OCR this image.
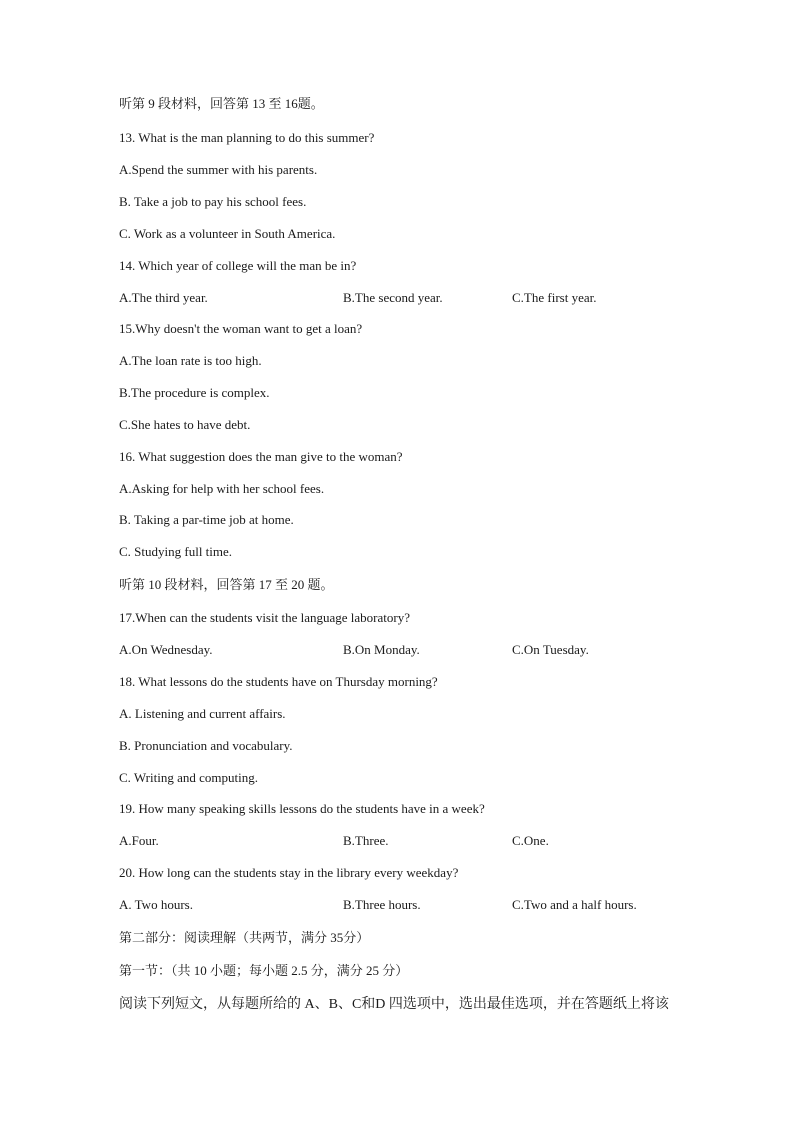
听第 9 段材料，回答第 13 至 16题。
13. What is the man planning to do this summer?
A.Spend the summer with his parents.
B. Take a job to pay his school fees.
C. Work as a volunteer in South America.
14. Which year of college will the man be in?
A.The third year.	B.The second year.	C.The first year.
15.Why doesn't the woman want to get a loan?
A.The loan rate is too high.
B.The procedure is complex.
C.She hates to have debt.
16. What suggestion does the man give to the woman?
A.Asking for help with her school fees.
B. Taking a par-time job at home.
C. Studying full time.
听第 10 段材料，回答第 17 至 20 题。
17.When can the students visit the language laboratory?
A.On Wednesday.	B.On Monday.	C.On Tuesday.
18. What lessons do the students have on Thursday morning?
A. Listening and current affairs.
B. Pronunciation and vocabulary.
C. Writing and computing.
19. How many speaking skills lessons do the students have in a week?
A.Four.	B.Three.	C.One.
20. How long can the students stay in the library every weekday?
A. Two hours.	B.Three hours.	C.Two and a half hours.
第二部分：阅读理解（共两节，满分 35分）
第一节：（共 10 小题；每小题 2.5 分，满分 25 分）
阅读下列短文，从每题所给的 A、B、C和D 四选项中，选出最佳选项，并在答题纸上将该
